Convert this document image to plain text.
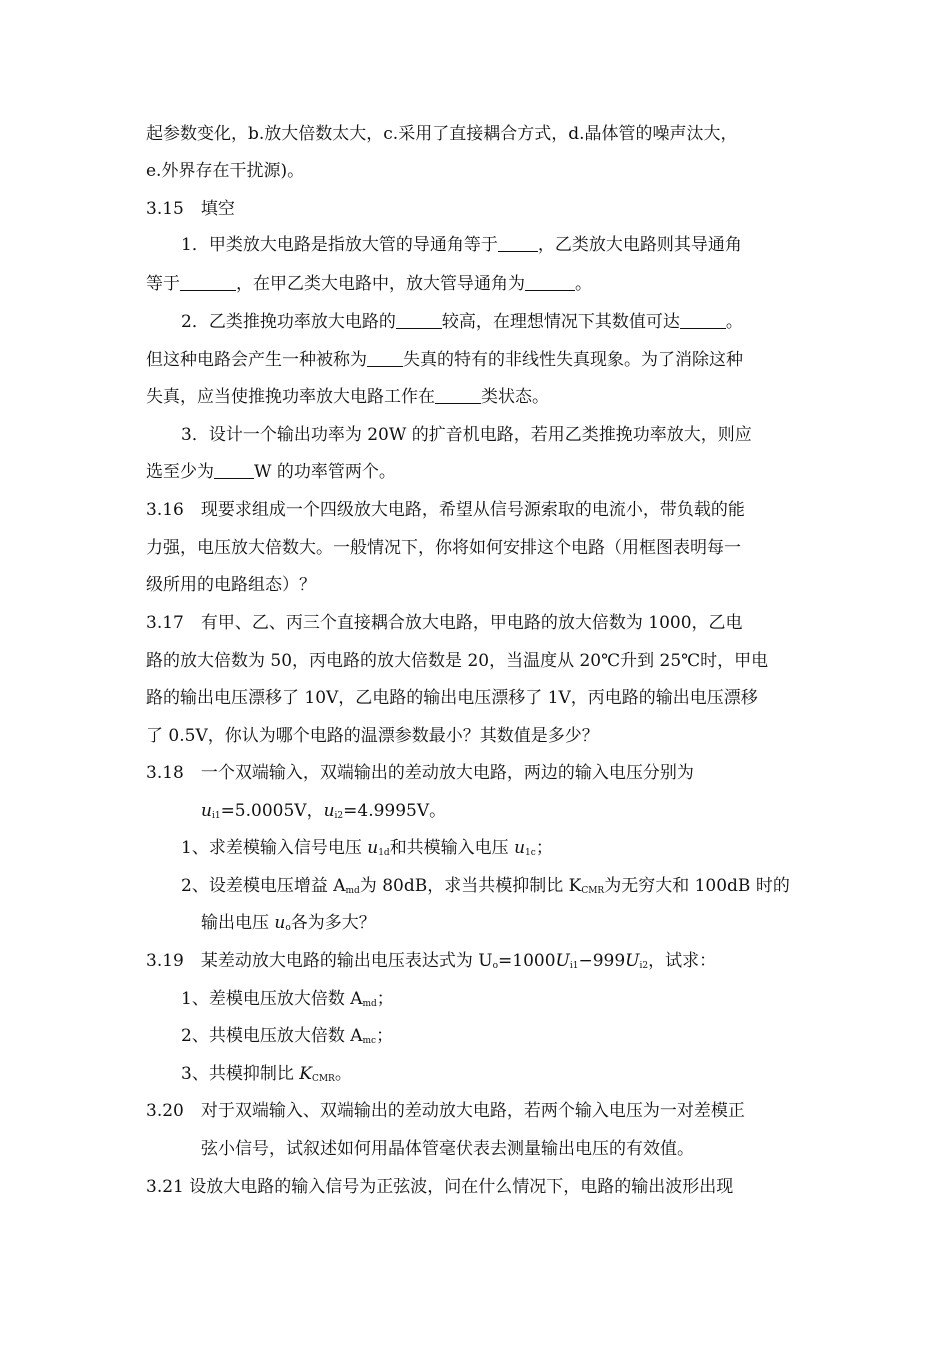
起参数变化，b.放大倍数太大，c.采用了直接耦合方式，d.晶体管的噪声汰大，
e.外界存在干扰源)。
3.15　填空
1．甲类放大电路是指放大管的导通角等于 ，乙类放大电路则其导通角
等于	，在甲乙类大电路中，放大管导通角为	。
2．乙类推挽功率放大电路的	较高，在理想情况下其数值可达	。
但这种电路会产生一种被称为 失真的特有的非线性失真现象。为了消除这种
失真，应当使推挽功率放大电路工作在	类状态。
3．设计一个输出功率为 20W 的扩音机电路，若用乙类推挽功率放大，则应
选至少为 W 的功率管两个。
3.16　现要求组成一个四级放大电路，希望从信号源索取的电流小，带负载的能
力强，电压放大倍数大。一般情况下，你将如何安排这个电路（用框图表明每一
级所用的电路组态）？
3.17　有甲、乙、丙三个直接耦合放大电路，甲电路的放大倍数为 1000，乙电
路的放大倍数为 50，丙电路的放大倍数是 20，当温度从 20℃升到 25℃时，甲电
路的输出电压漂移了 10V，乙电路的输出电压漂移了 1V，丙电路的输出电压漂移
了 0.5V，你认为哪个电路的温漂参数最小？其数值是多少？
3.18　一个双端输入，双端输出的差动放大电路，两边的输入电压分别为
$u_{i1}=5.0005V$，$u_{i2}=4.9995V$。
1、求差模输入信号电压 $u_{1d}$和共模输入电压 $u_{1c}$；
2、设差模电压增益 $A_{md}$为 80dB，求当共模抑制比 $K_{CMR}$为无穷大和 100dB 时的
输出电压 $u_o$各为多大？
3.19　某差动放大电路的输出电压表达式为 $U_o=1000U_{i1}-999U_{i2}$，试求：
1、差模电压放大倍数 $A_{md}$；
2、共模电压放大倍数 $A_{mc}$；
3、共模抑制比 $K_{CMR}$。
3.20　对于双端输入、双端输出的差动放大电路，若两个输入电压为一对差模正
弦小信号，试叙述如何用晶体管毫伏表去测量输出电压的有效值。
3.21 设放大电路的输入信号为正弦波，问在什么情况下，电路的输出波形出现
